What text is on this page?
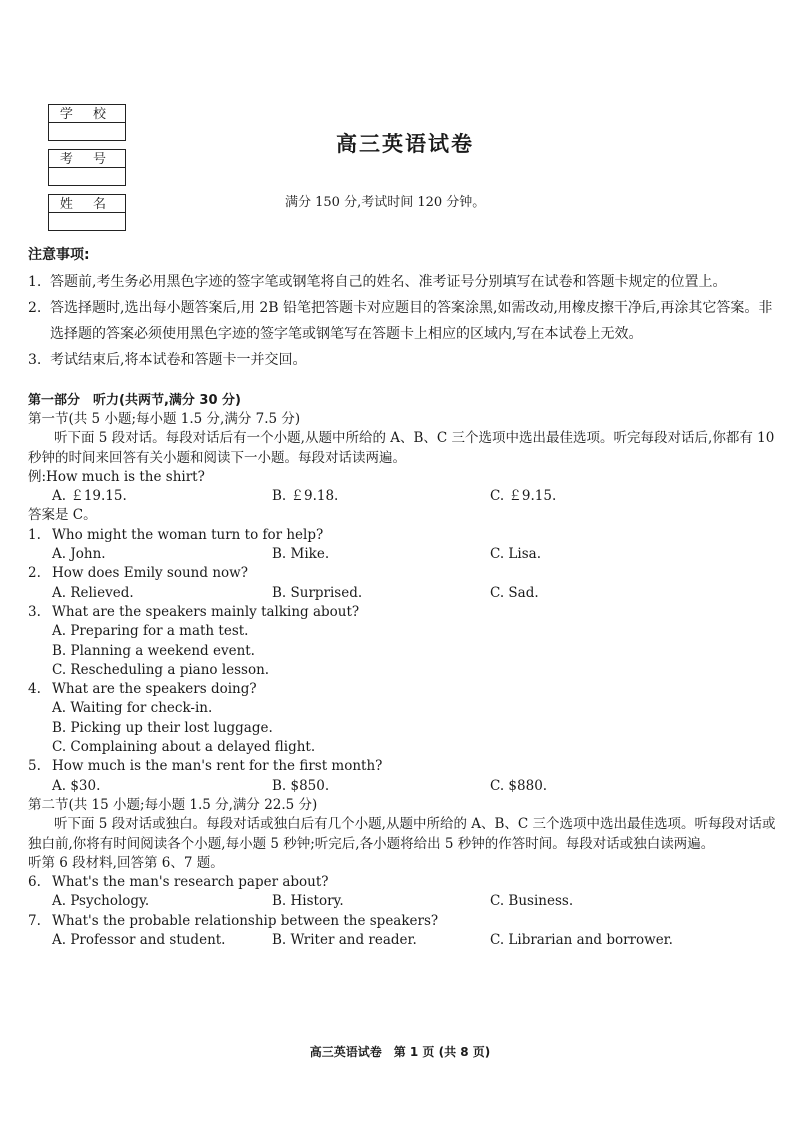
学 校
考 号
姓 名
高三英语试卷
满分 150 分,考试时间 120 分钟。
注意事项:
1. 答题前,考生务必用黑色字迹的签字笔或钢笔将自己的姓名、准考证号分别填写在试卷和答题卡规定的位置上。
2. 答选择题时,选出每小题答案后,用 2B 铅笔把答题卡对应题目的答案涂黑,如需改动,用橡皮擦干净后,再涂其它答案。非选择题的答案必须使用黑色字迹的签字笔或钢笔写在答题卡上相应的区域内,写在本试卷上无效。
3. 考试结束后,将本试卷和答题卡一并交回。
第一部分　听力(共两节,满分 30 分)
第一节(共 5 小题;每小题 1.5 分,满分 7.5 分)
听下面 5 段对话。每段对话后有一个小题,从题中所给的 A、B、C 三个选项中选出最佳选项。听完每段对话后,你都有 10 秒钟的时间来回答有关小题和阅读下一小题。每段对话读两遍。
例:How much is the shirt?
A. ￡19.15.	B. ￡9.18.	C. ￡9.15.
答案是 C。
1. Who might the woman turn to for help?
A. John.	B. Mike.	C. Lisa.
2. How does Emily sound now?
A. Relieved.	B. Surprised.	C. Sad.
3. What are the speakers mainly talking about?
A. Preparing for a math test.
B. Planning a weekend event.
C. Rescheduling a piano lesson.
4. What are the speakers doing?
A. Waiting for check-in.
B. Picking up their lost luggage.
C. Complaining about a delayed flight.
5. How much is the man's rent for the first month?
A. $30.	B. $850.	C. $880.
第二节(共 15 小题;每小题 1.5 分,满分 22.5 分)
听下面 5 段对话或独白。每段对话或独白后有几个小题,从题中所给的 A、B、C 三个选项中选出最佳选项。听每段对话或独白前,你将有时间阅读各个小题,每小题 5 秒钟;听完后,各小题将给出 5 秒钟的作答时间。每段对话或独白读两遍。
听第 6 段材料,回答第 6、7 题。
6. What's the man's research paper about?
A. Psychology.	B. History.	C. Business.
7. What's the probable relationship between the speakers?
A. Professor and student.	B. Writer and reader.	C. Librarian and borrower.
高三英语试卷　第 1 页 (共 8 页)
